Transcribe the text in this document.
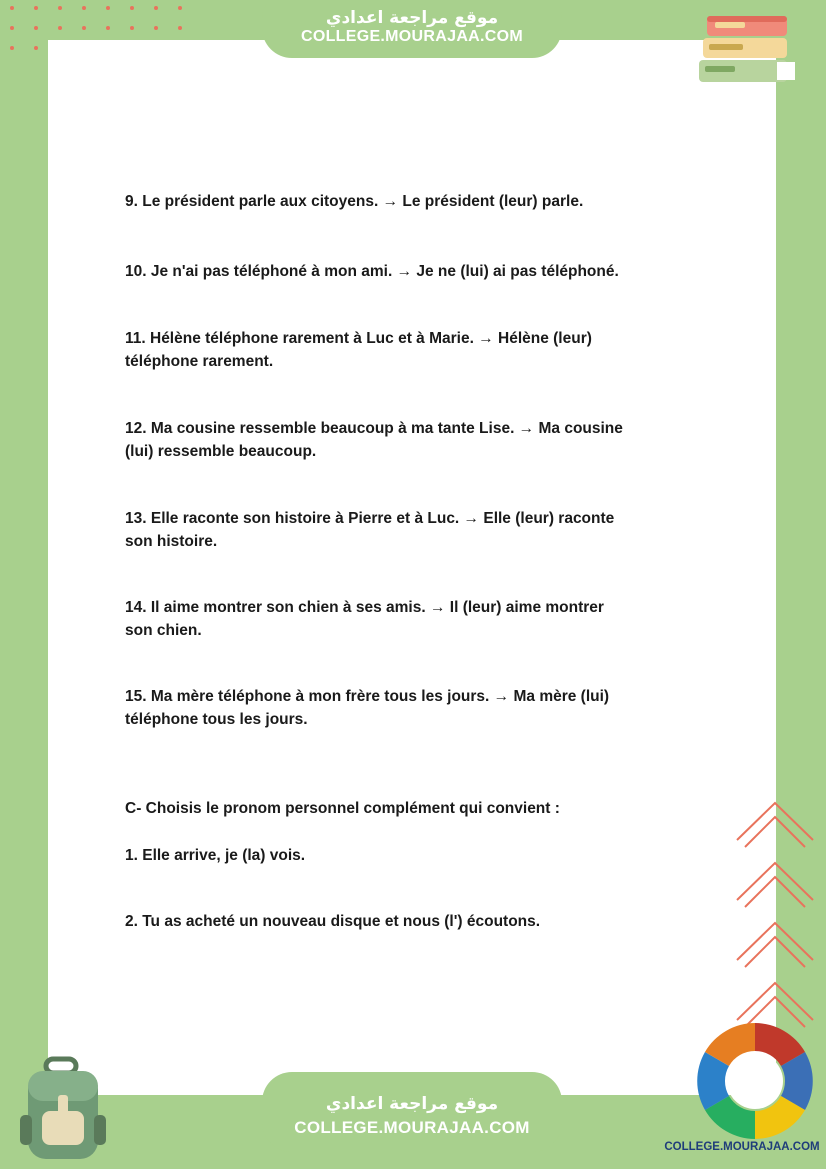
موقع مراجعة اعدادي
COLLEGE.MOURAJAA.COM
9. Le président parle aux citoyens. → Le président (leur) parle.
10. Je n'ai pas téléphoné à mon ami. → Je ne (lui) ai pas téléphoné.
11. Hélène téléphone rarement à Luc et à Marie. → Hélène (leur)
téléphone rarement.
12. Ma cousine ressemble beaucoup à ma tante Lise. → Ma cousine
(lui) ressemble beaucoup.
13. Elle raconte son histoire à Pierre et à Luc. → Elle (leur) raconte
son histoire.
14. Il aime montrer son chien à ses amis. → Il (leur) aime montrer
son chien.
15. Ma mère téléphone à mon frère tous les jours. → Ma mère (lui)
téléphone tous les jours.
C- Choisis le pronom personnel complément qui convient :
1. Elle arrive, je (la) vois.
2. Tu as acheté un nouveau disque et nous (l') écoutons.
موقع مراجعة اعدادي
COLLEGE.MOURAJAA.COM
COLLEGE.MOURAJAA.COM
